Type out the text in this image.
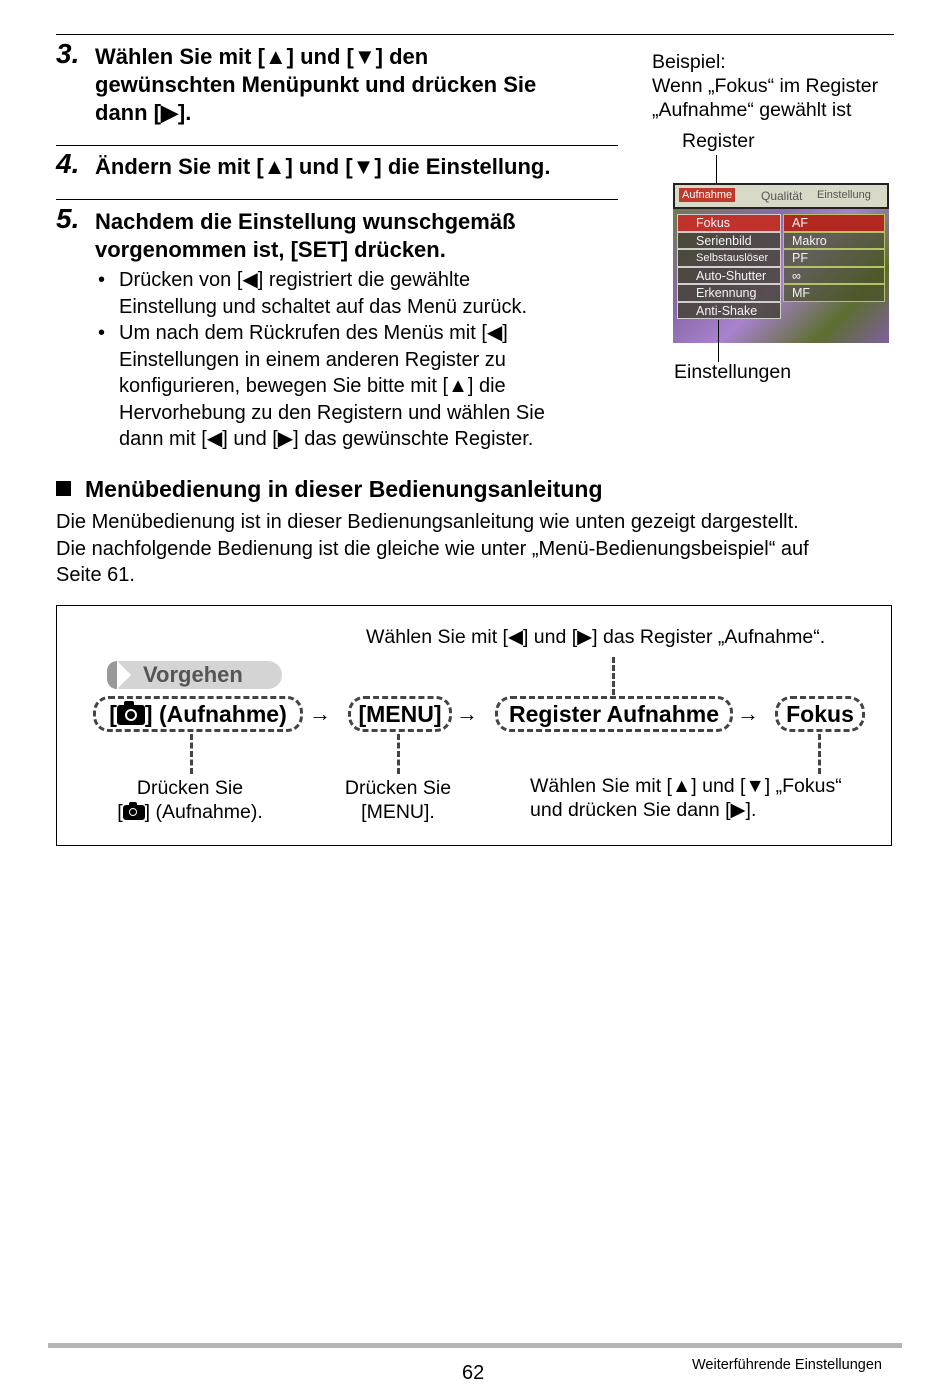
3. Wählen Sie mit [▲] und [▼] den
gewünschten Menüpunkt und drücken Sie
dann [▶].
4. Ändern Sie mit [▲] und [▼] die Einstellung.
5. Nachdem die Einstellung wunschgemäß
vorgenommen ist, [SET] drücken.
• Drücken von [◀] registriert die gewählte
Einstellung und schaltet auf das Menü zurück.
• Um nach dem Rückrufen des Menüs mit [◀]
Einstellungen in einem anderen Register zu
konfigurieren, bewegen Sie bitte mit [▲] die
Hervorhebung zu den Registern und wählen Sie
dann mit [◀] und [▶] das gewünschte Register.
Beispiel:
Wenn „Fokus“ im Register
„Aufnahme“ gewählt ist
Register
Aufnahme Qualität Einstellung
Fokus
Serienbild
Selbstauslöser
Auto-Shutter
Erkennung
Anti-Shake
AF
Makro
PF
∞
MF
Einstellungen
Menübedienung in dieser Bedienungsanleitung
Die Menübedienung ist in dieser Bedienungsanleitung wie unten gezeigt dargestellt.
Die nachfolgende Bedienung ist die gleiche wie unter „Menü-Bedienungsbeispiel“ auf
Seite 61.
Wählen Sie mit [◀] und [▶] das Register „Aufnahme“.
Vorgehen
[ ] (Aufnahme)	→	[MENU] →	Register Aufnahme →	Fokus
Drücken Sie
[ ] (Aufnahme).
Drücken Sie
[MENU].
Wählen Sie mit [▲] und [▼] „Fokus“
und drücken Sie dann [▶].
62	Weiterführende Einstellungen
